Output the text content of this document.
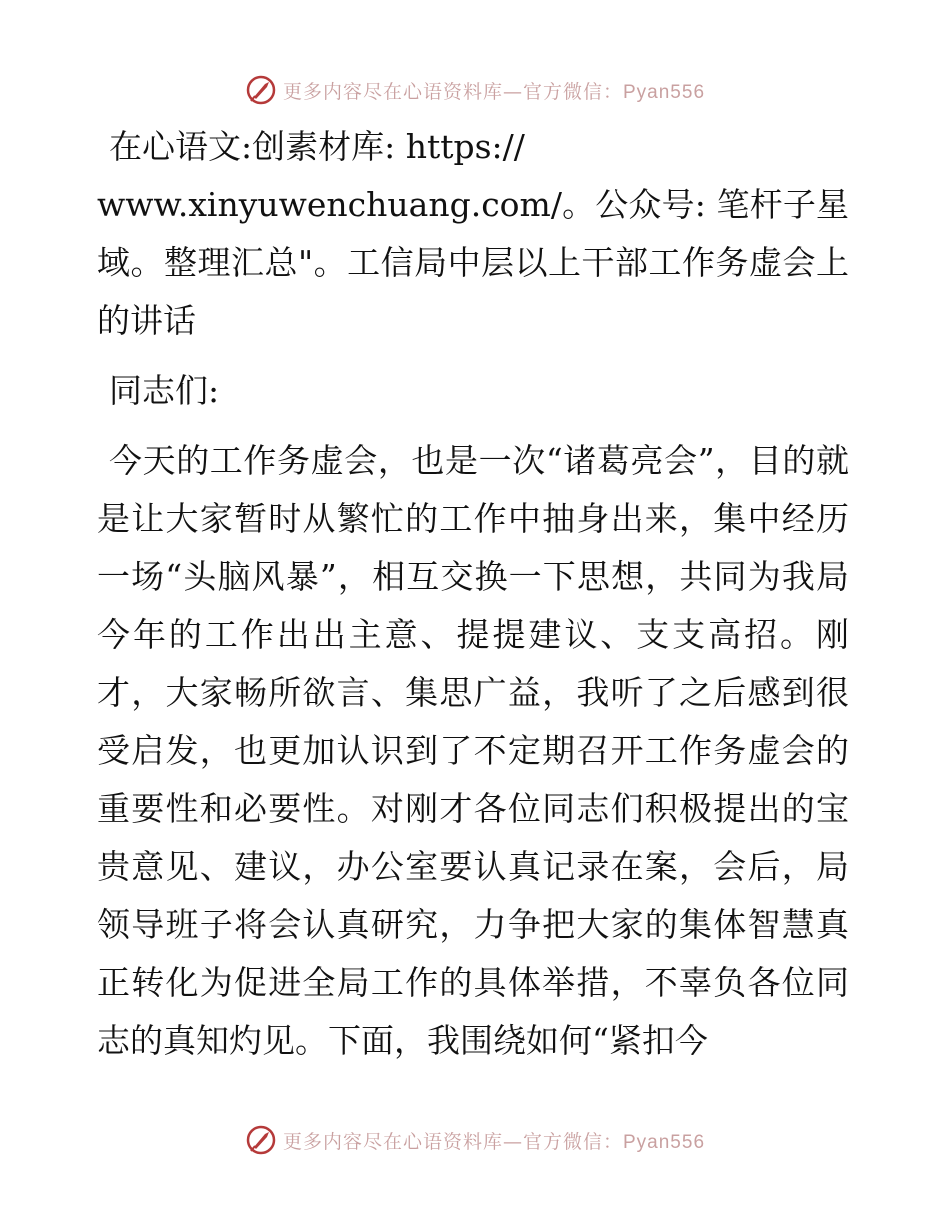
更多内容尽在心语资料库—官方微信：Pyan556

在心语文:创素材库: https://
www.xinyuwenchuang.com/。公众号: 笔杆子星域。整理汇总"。工信局中层以上干部工作务虚会上的讲话

同志们:

今天的工作务虚会，也是一次“诸葛亮会”，目的就是让大家暂时从繁忙的工作中抽身出来，集中经历一场“头脑风暴”，相互交换一下思想，共同为我局今年的工作出出主意、提提建议、支支高招。刚才，大家畅所欲言、集思广益，我听了之后感到很受启发，也更加认识到了不定期召开工作务虚会的重要性和必要性。对刚才各位同志们积极提出的宝贵意见、建议，办公室要认真记录在案，会后，局领导班子将会认真研究，力争把大家的集体智慧真正转化为促进全局工作的具体举措，不辜负各位同志的真知灼见。下面，我围绕如何“紧扣今

更多内容尽在心语资料库—官方微信：Pyan556
